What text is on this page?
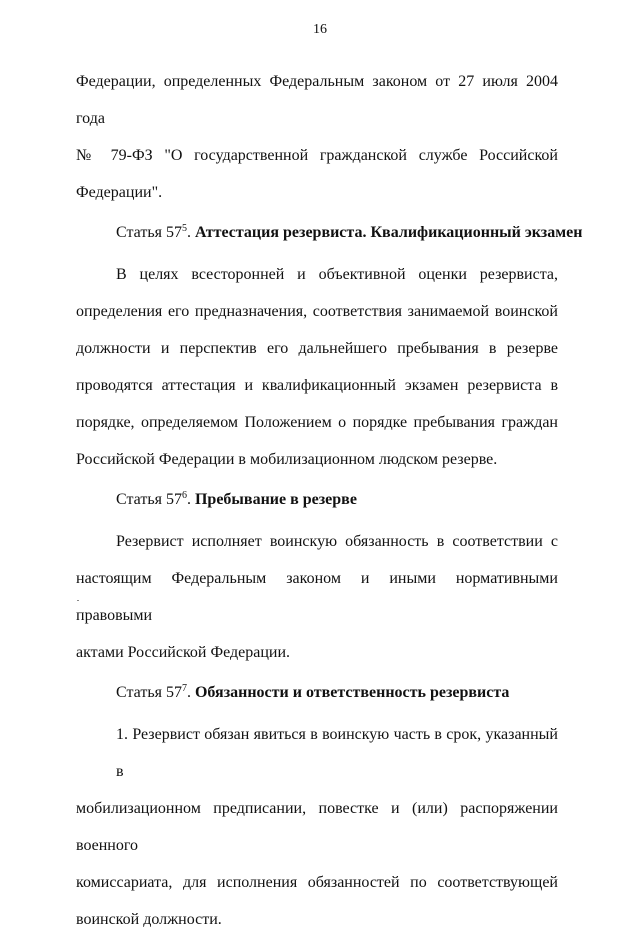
16

Федерации, определенных Федеральным законом от 27 июля 2004 года
№ 79-ФЗ "О государственной гражданской службе Российской
Федерации".

Статья $57^5$. Аттестация резервиста. Квалификационный экзамен

В целях всесторонней и объективной оценки резервиста,
определения его предназначения, соответствия занимаемой воинской
должности и перспектив его дальнейшего пребывания в резерве
проводятся аттестация и квалификационный экзамен резервиста в
порядке, определяемом Положением о порядке пребывания граждан
Российской Федерации в мобилизационном людском резерве.

Статья $57^6$. Пребывание в резерве

Резервист исполняет воинскую обязанность в соответствии с
настоящим Федеральным законом и иными нормативными правовыми
актами Российской Федерации.

Статья $57^7$. Обязанности и ответственность резервиста

1. Резервист обязан явиться в воинскую часть в срок, указанный в
мобилизационном предписании, повестке и (или) распоряжении военного
комиссариата, для исполнения обязанностей по соответствующей
воинской должности.
